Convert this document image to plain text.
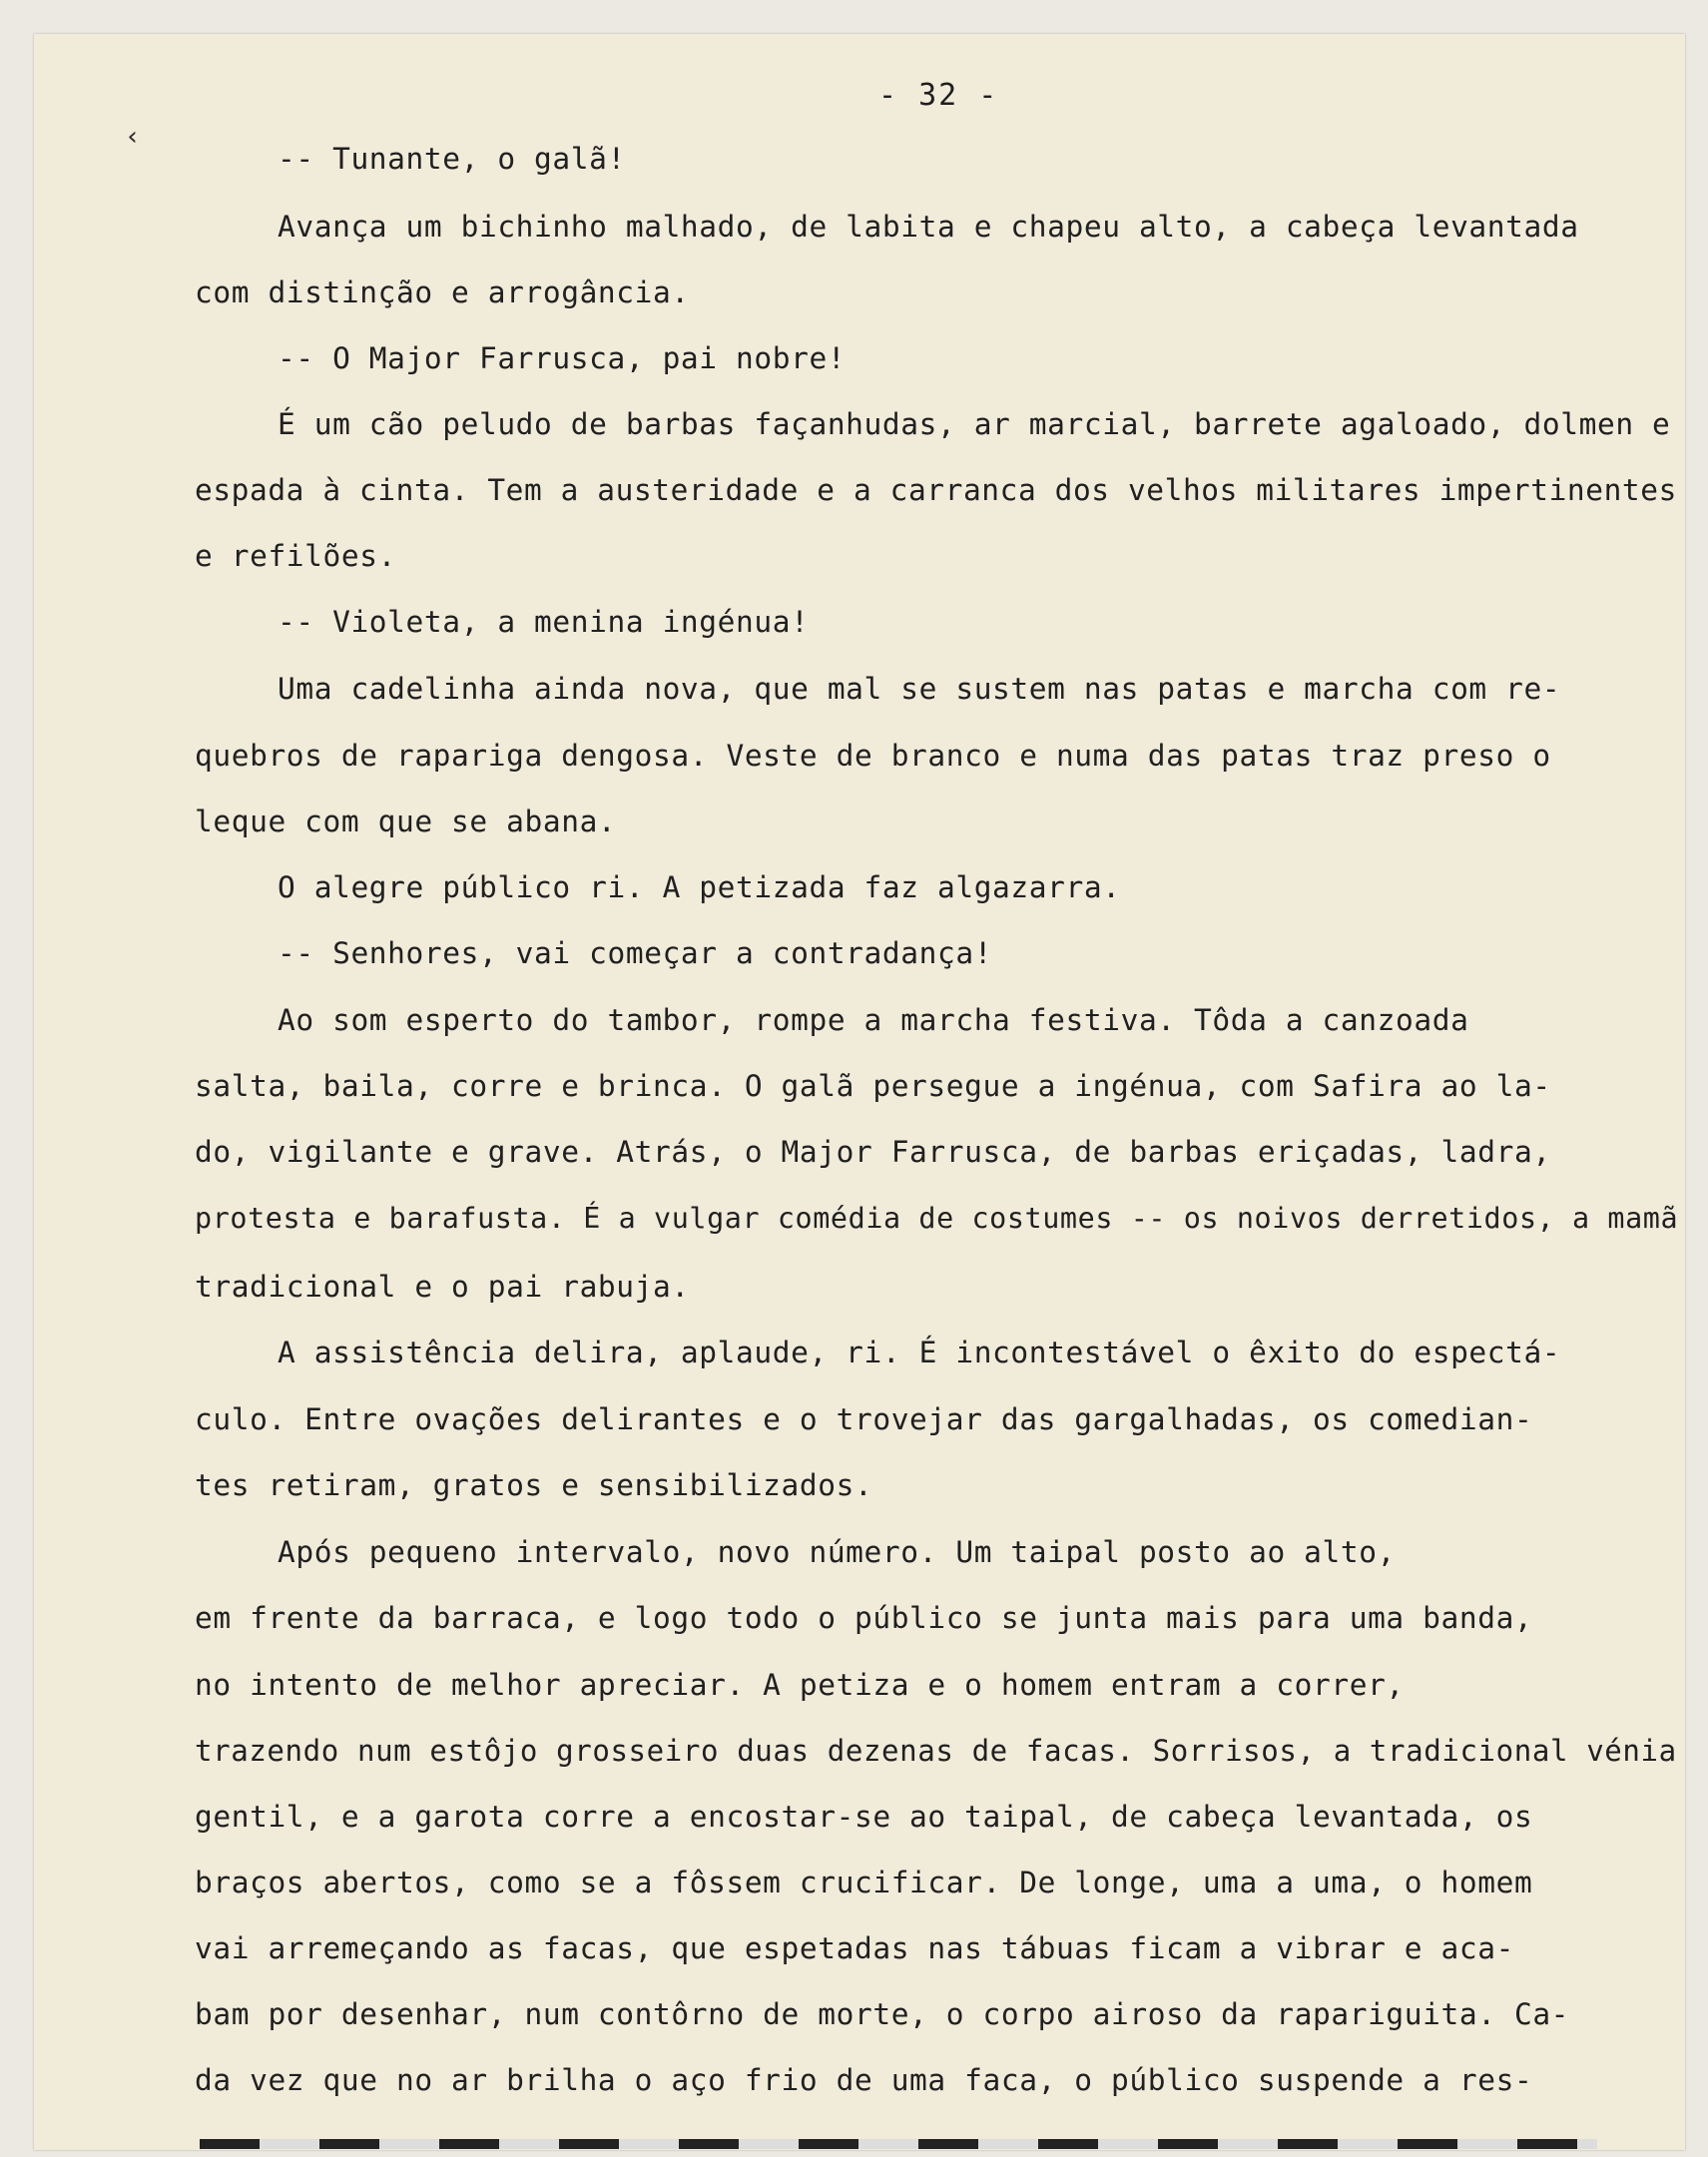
‹
- 32 -
-- Tunante, o galã!
Avança um bichinho malhado, de labita e chapeu alto, a cabeça levantada
com distinção e arrogância.
-- O Major Farrusca, pai nobre!
É um cão peludo de barbas façanhudas, ar marcial, barrete agaloado, dolmen e
espada à cinta. Tem a austeridade e a carranca dos velhos militares impertinentes
e refilões.
-- Violeta, a menina ingénua!
Uma cadelinha ainda nova, que mal se sustem nas patas e marcha com re-
quebros de rapariga dengosa. Veste de branco e numa das patas traz preso o
leque com que se abana.
O alegre público ri. A petizada faz algazarra.
-- Senhores, vai começar a contradança!
Ao som esperto do tambor, rompe a marcha festiva. Tôda a canzoada
salta, baila, corre e brinca. O galã persegue a ingénua, com Safira ao la-
do, vigilante e grave. Atrás, o Major Farrusca, de barbas eriçadas, ladra,
protesta e barafusta. É a vulgar comédia de costumes -- os noivos derretidos, a mamã
tradicional e o pai rabuja.
A assistência delira, aplaude, ri. É incontestável o êxito do espectá-
culo. Entre ovações delirantes e o trovejar das gargalhadas, os comedian-
tes retiram, gratos e sensibilizados.
Após pequeno intervalo, novo número. Um taipal posto ao alto,
em frente da barraca, e logo todo o público se junta mais para uma banda,
no intento de melhor apreciar. A petiza e o homem entram a correr,
trazendo num estôjo grosseiro duas dezenas de facas. Sorrisos, a tradicional vénia
gentil, e a garota corre a encostar-se ao taipal, de cabeça levantada, os
braços abertos, como se a fôssem crucificar. De longe, uma a uma, o homem
vai arremeçando as facas, que espetadas nas tábuas ficam a vibrar e aca-
bam por desenhar, num contôrno de morte, o corpo airoso da rapariguita. Ca-
da vez que no ar brilha o aço frio de uma faca, o público suspende a res-
